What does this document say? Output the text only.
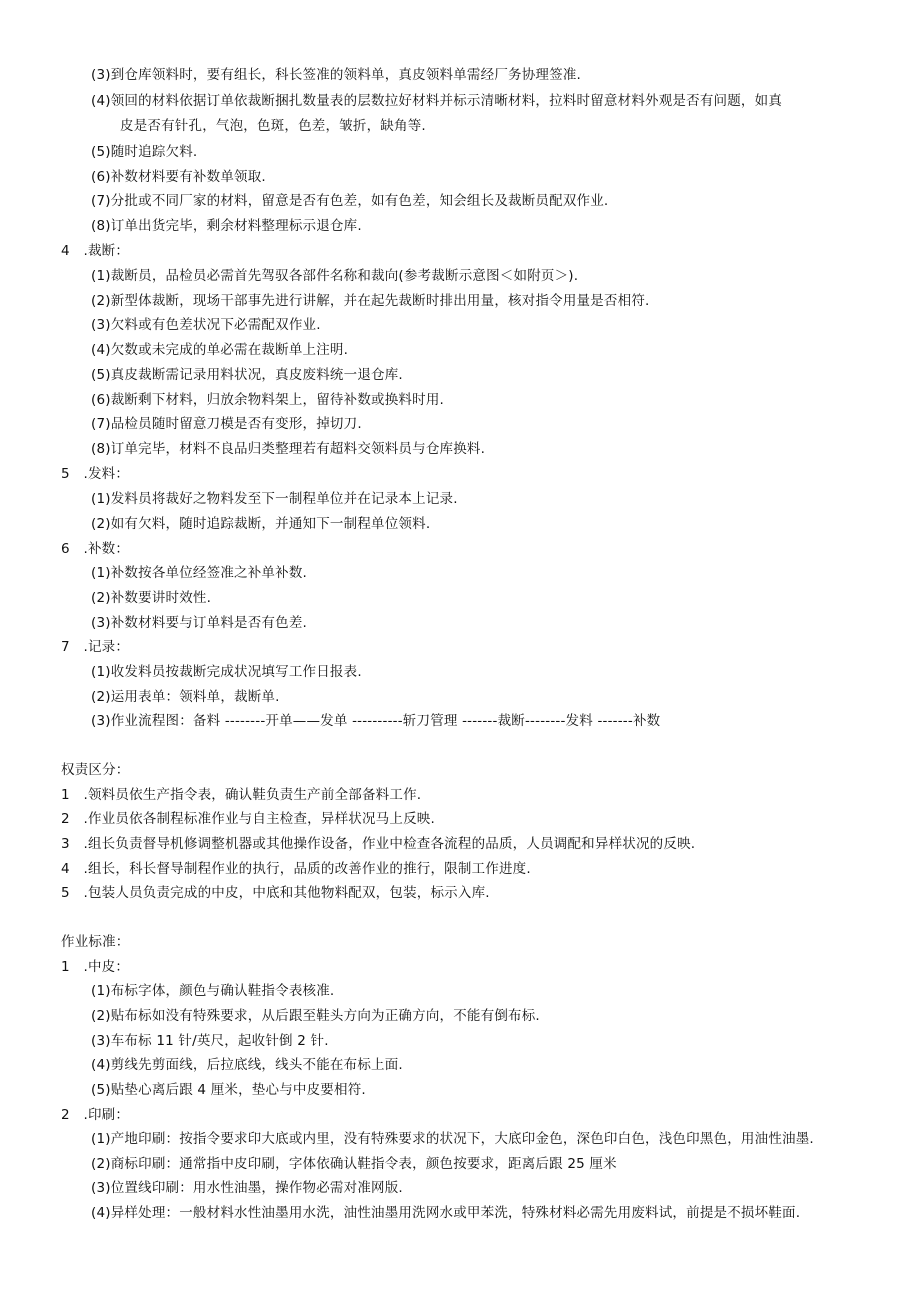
(3)到仓库领料时，要有组长，科长签准的领料单，真皮领料单需经厂务协理签准.
(4)领回的材料依据订单依裁断捆扎数量表的层数拉好材料并标示清晰材料，拉料时留意材料外观是否有问题，如真
皮是否有针孔，气泡，色斑，色差，皱折，缺角等.
(5)随时追踪欠料.
(6)补数材料要有补数单领取.
(7)分批或不同厂家的材料，留意是否有色差，如有色差，知会组长及裁断员配双作业.
(8)订单出货完毕，剩余材料整理标示退仓库.
4　.裁断：
(1)裁断员，品检员必需首先驾驭各部件名称和裁向(参考裁断示意图＜如附页＞).
(2)新型体裁断，现场干部事先进行讲解，并在起先裁断时排出用量，核对指令用量是否相符.
(3)欠料或有色差状况下必需配双作业.
(4)欠数或未完成的单必需在裁断单上注明.
(5)真皮裁断需记录用料状况，真皮废料统一退仓库.
(6)裁断剩下材料，归放余物料架上，留待补数或换料时用.
(7)品检员随时留意刀模是否有变形，掉切刀.
(8)订单完毕，材料不良品归类整理若有超料交领料员与仓库换料.
5　.发料：
(1)发料员将裁好之物料发至下一制程单位并在记录本上记录.
(2)如有欠料，随时追踪裁断，并通知下一制程单位领料.
6　.补数：
(1)补数按各单位经签准之补单补数.
(2)补数要讲时效性.
(3)补数材料要与订单料是否有色差.
7　.记录：
(1)收发料员按裁断完成状况填写工作日报表.
(2)运用表单：领料单，裁断单.
(3)作业流程图：备料 --------开单——发单 ----------斩刀管理 -------裁断--------发料 -------补数
权责区分：
1　.领料员依生产指令表，确认鞋负责生产前全部备料工作.
2　.作业员依各制程标准作业与自主检查，异样状况马上反映.
3　.组长负责督导机修调整机器或其他操作设备，作业中检查各流程的品质，人员调配和异样状况的反映.
4　.组长，科长督导制程作业的执行，品质的改善作业的推行，限制工作进度.
5　.包装人员负责完成的中皮，中底和其他物料配双，包装，标示入库.
作业标准：
1　.中皮：
(1)布标字体，颜色与确认鞋指令表核准.
(2)贴布标如没有特殊要求，从后跟至鞋头方向为正确方向，不能有倒布标.
(3)车布标 11 针/英尺，起收针倒 2 针.
(4)剪线先剪面线，后拉底线，线头不能在布标上面.
(5)贴垫心离后跟 4 厘米，垫心与中皮要相符.
2　.印刷：
(1)产地印刷：按指令要求印大底或内里，没有特殊要求的状况下，大底印金色，深色印白色，浅色印黑色，用油性油墨.
(2)商标印刷：通常指中皮印刷，字体依确认鞋指令表，颜色按要求，距离后跟 25 厘米
(3)位置线印刷：用水性油墨，操作物必需对准网版.
(4)异样处理：一般材料水性油墨用水洗，油性油墨用洗网水或甲苯洗，特殊材料必需先用废料试，前提是不损坏鞋面.
